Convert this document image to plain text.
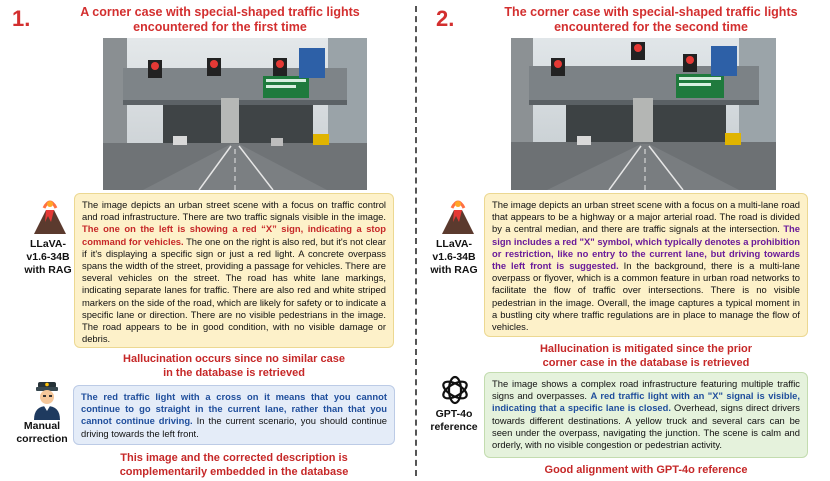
1.	A corner case with special-shaped traffic lights
encountered for the first time
LLaVA-
v1.6-34B
with RAG
The image depicts an urban street scene with a focus on traffic control and road infrastructure. There are two traffic signals visible in the image. The one on the left is showing a red “X” sign, indicating a stop command for vehicles. The one on the right is also red, but it's not clear if it's displaying a specific sign or just a red light. A concrete overpass spans the width of the street, providing a passage for vehicles. There are several vehicles on the street. The road has white lane markings, indicating separate lanes for traffic. There are also red and white striped markers on the side of the road, which are likely for safety or to indicate a specific lane or direction. There are no visible pedestrians in the image. The road appears to be in good condition, with no visible damage or debris.
Hallucination occurs since no similar case
in the database is retrieved
Manual
correction
The red traffic light with a cross on it means that you cannot continue to go straight in the current lane, rather than that you cannot continue driving. In the current scenario, you should continue driving towards the left front.
This image and the corrected description is
complementarily embedded in the database
2.	The corner case with special-shaped traffic lights
encountered for the second time
LLaVA-
v1.6-34B
with RAG
The image depicts an urban street scene with a focus on a multi-lane road that appears to be a highway or a major arterial road. The road is divided by a central median, and there are traffic signals at the intersection. The sign includes a red "X" symbol, which typically denotes a prohibition or restriction, like no entry to the current lane, but driving towards the left front is suggested. In the background, there is a multi-lane overpass or flyover, which is a common feature in urban road networks to facilitate the flow of traffic over intersections. There is no visible pedestrian in the image. Overall, the image captures a typical moment in a bustling city where traffic regulations are in place to manage the flow of vehicles.
Hallucination is mitigated since the prior
corner case in the database is retrieved
GPT-4o
reference
The image shows a complex road infrastructure featuring multiple traffic signs and overpasses. A red traffic light with an "X" signal is visible, indicating that a specific lane is closed. Overhead, signs direct drivers towards different destinations. A yellow truck and several cars can be seen under the overpass, navigating the junction. The scene is calm and orderly, with no visible congestion or pedestrian activity.
Good alignment with GPT-4o reference
